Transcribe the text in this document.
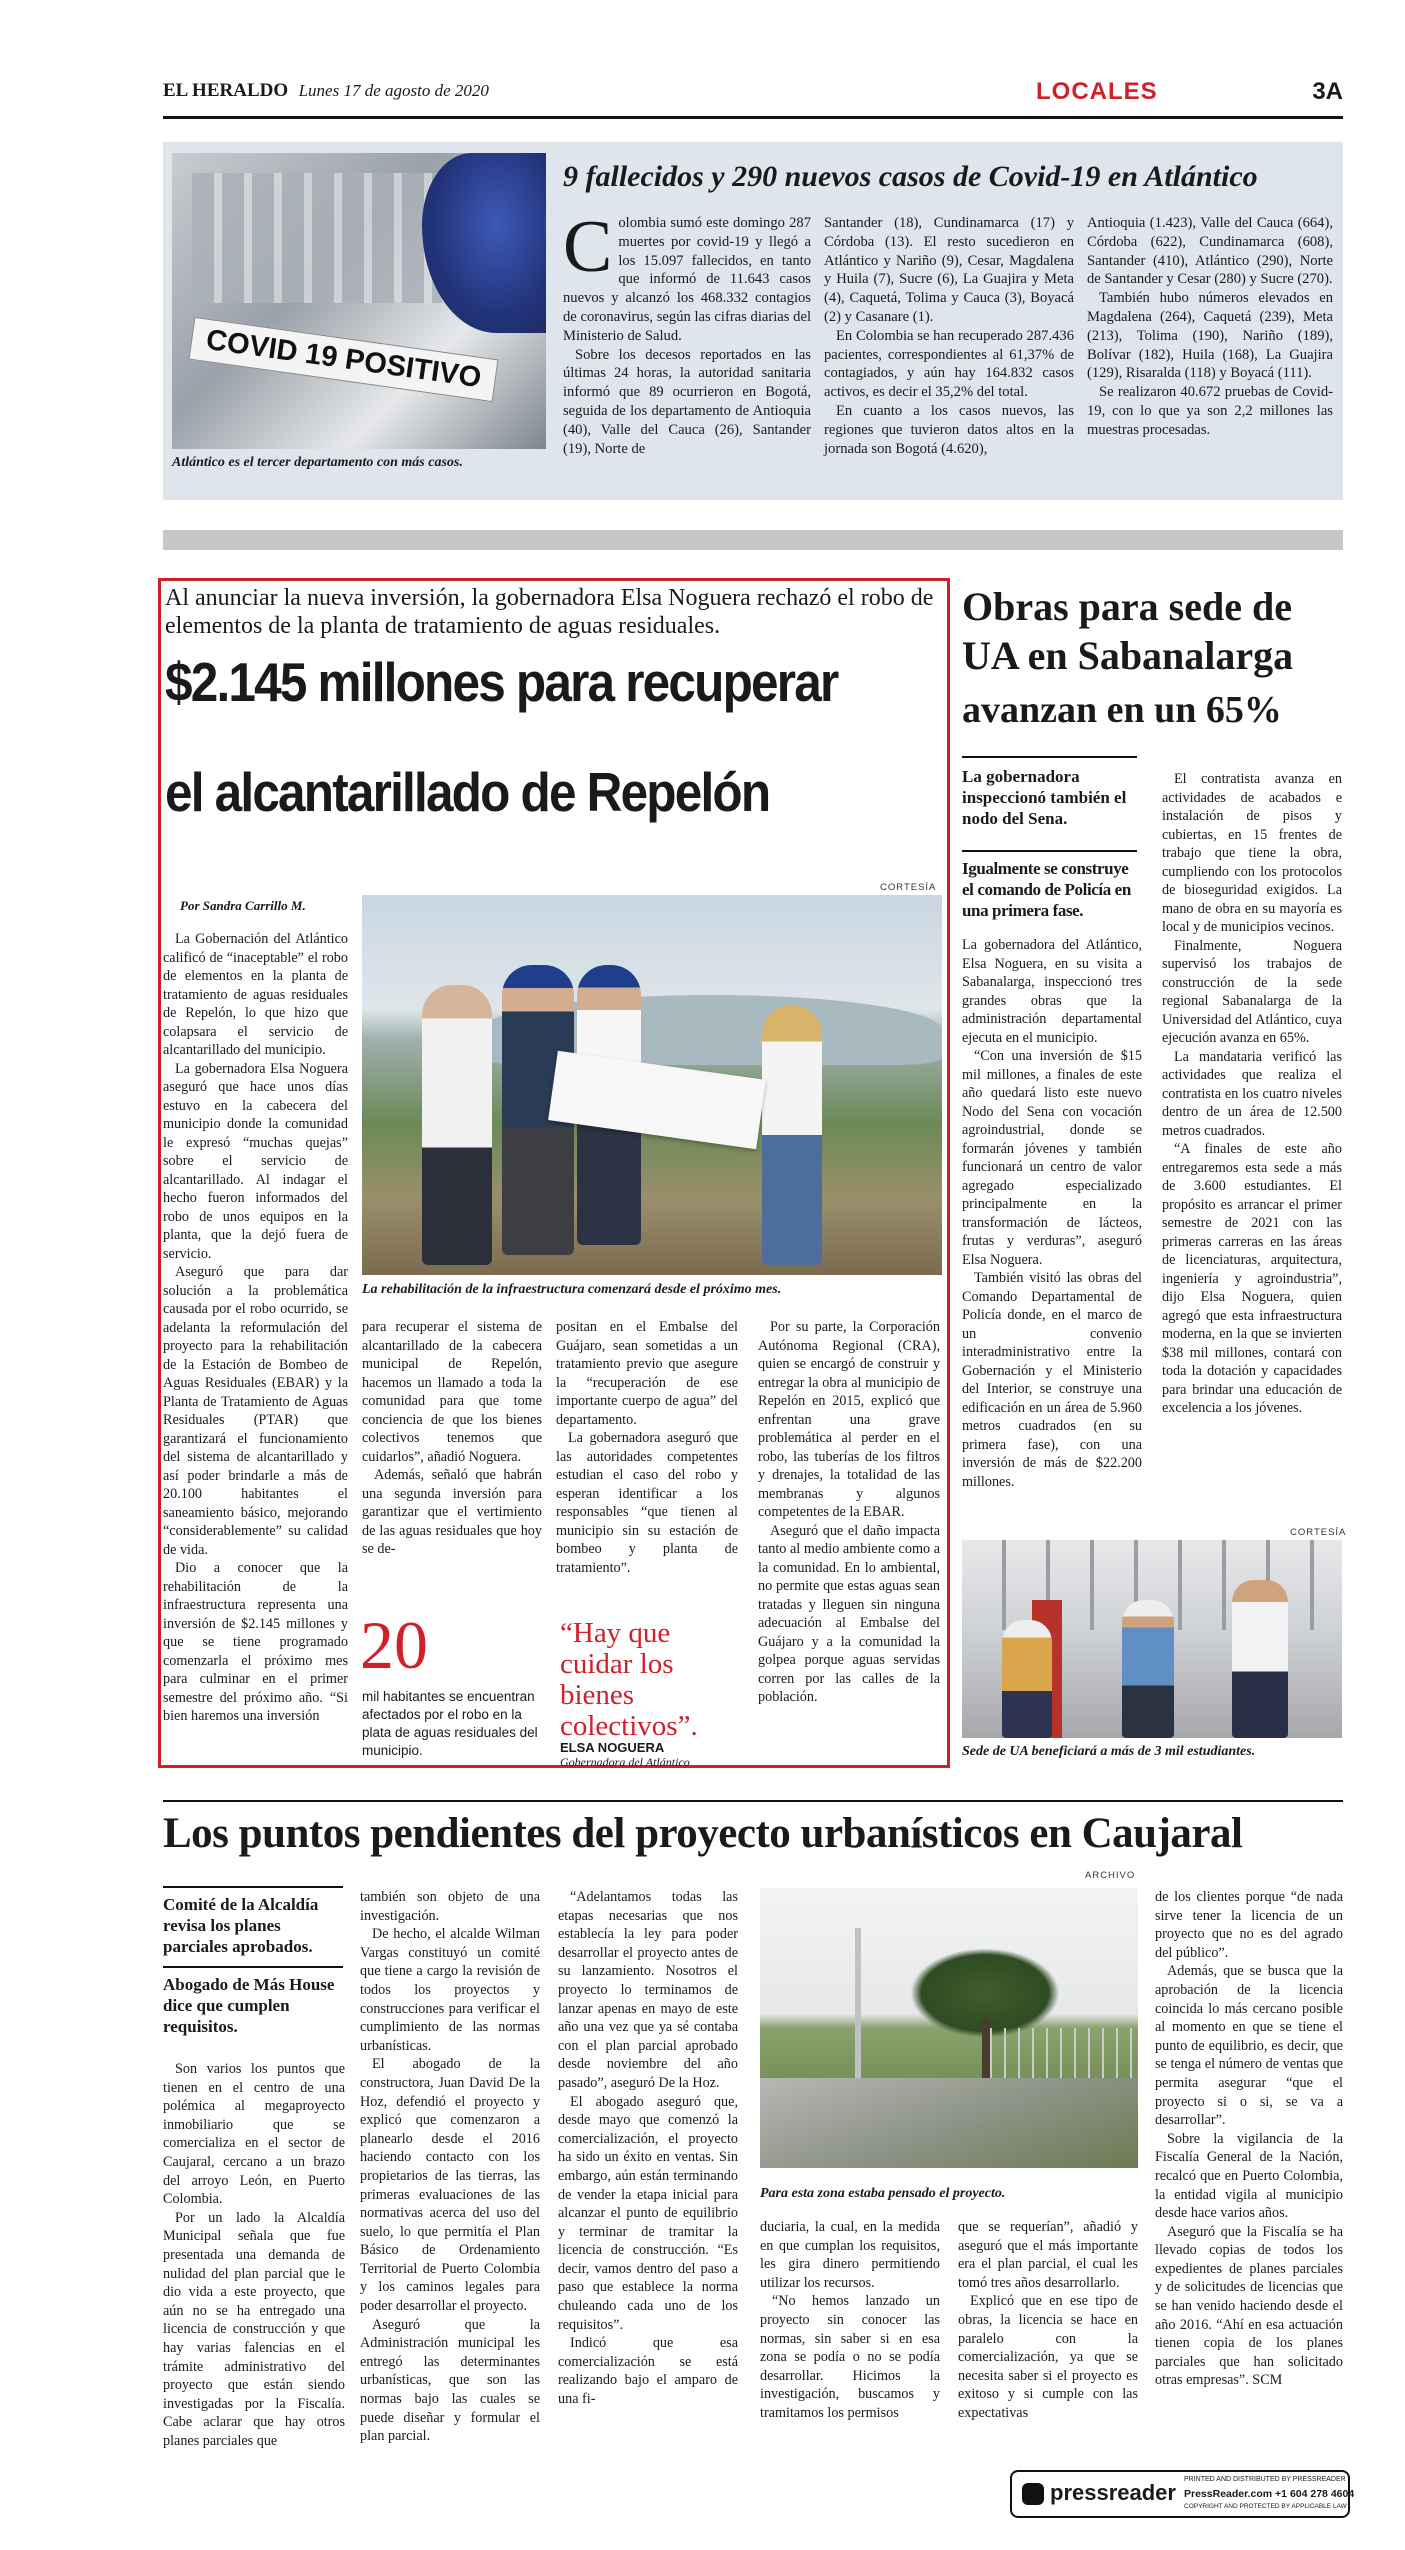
EL HERALDO Lunes 17 de agosto de 2020	LOCALES	3A
COVID 19 POSITIVO
Atlántico es el tercer departamento con más casos.
9 fallecidos y 290 nuevos casos de Covid-19 en Atlántico
C olombia sumó este domingo 287 muertes por covid-19 y llegó a los 15.097 fallecidos, en tanto que informó de 11.643 casos nuevos y alcanzó los 468.332 contagios de coronavirus, según las cifras diarias del Ministerio de Salud.

Sobre los decesos reportados en las últimas 24 horas, la autoridad sanitaria informó que 89 ocurrieron en Bogotá, seguida de los departamento de Antioquia (40), Valle del Cauca (26), Santander (19), Norte de

Santander (18), Cundinamarca (17) y Córdoba (13). El resto sucedieron en Atlántico y Nariño (9), Cesar, Magdalena y Huila (7), Sucre (6), La Guajira y Meta (4), Caquetá, Tolima y Cauca (3), Boyacá (2) y Casanare (1).

En Colombia se han recuperado 287.436 pacientes, correspondientes al 61,37% de contagiados, y aún hay 164.832 casos activos, es decir el 35,2% del total.

En cuanto a los casos nuevos, las regiones que tuvieron datos altos en la jornada son Bogotá (4.620),

Antioquia (1.423), Valle del Cauca (664), Córdoba (622), Cundinamarca (608), Santander (410), Atlántico (290), Norte de Santander y Cesar (280) y Sucre (270).

También hubo números elevados en Magdalena (264), Caquetá (239), Meta (213), Tolima (190), Nariño (189), Bolívar (182), Huila (168), La Guajira (129), Risaralda (118) y Boyacá (111).

Se realizaron 40.672 pruebas de Covid-19, con lo que ya son 2,2 millones las muestras procesadas.

Al anunciar la nueva inversión, la gobernadora Elsa Noguera rechazó el robo de elementos de la planta de tratamiento de aguas residuales.
$2.145 millones para recuperar
el alcantarillado de Repelón
Por Sandra Carrillo M.
CORTESÍA
La rehabilitación de la infraestructura comenzará desde el próximo mes.

La Gobernación del Atlántico calificó de “inaceptable” el robo de elementos en la planta de tratamiento de aguas residuales de Repelón, lo que hizo que colapsara el servicio de alcantarillado del municipio.

La gobernadora Elsa Noguera aseguró que hace unos días estuvo en la cabecera del municipio donde la comunidad le expresó “muchas quejas” sobre el servicio de alcantarillado. Al indagar el hecho fueron informados del robo de unos equipos en la planta, que la dejó fuera de servicio.

Aseguró que para dar solución a la problemática causada por el robo ocurrido, se adelanta la reformulación del proyecto para la rehabilitación de la Estación de Bombeo de Aguas Residuales (EBAR) y la Planta de Tratamiento de Aguas Residuales (PTAR) que garantizará el funcionamiento del sistema de alcantarillado y así poder brindarle a más de 20.100 habitantes el saneamiento básico, mejorando “considerablemente” su calidad de vida.

Dio a conocer que la rehabilitación de la infraestructura representa una inversión de $2.145 millones y que se tiene programado comenzarla el próximo mes para culminar en el primer semestre del próximo año. “Si bien haremos una inversión

para recuperar el sistema de alcantarillado de la cabecera municipal de Repelón, hacemos un llamado a toda la comunidad para que tome conciencia de que los bienes colectivos tenemos que cuidarlos”, añadió Noguera.

Además, señaló que habrán una segunda inversión para garantizar que el vertimiento de las aguas residuales que hoy se de-

positan en el Embalse del Guájaro, sean sometidas a un tratamiento previo que asegure la “recuperación de ese importante cuerpo de agua” del departamento.

La gobernadora aseguró que las autoridades competentes estudian el caso del robo y esperan identificar a los responsables “que tienen al municipio sin su estación de bombeo y planta de tratamiento”.

Por su parte, la Corporación Autónoma Regional (CRA), quien se encargó de construir y entregar la obra al municipio de Repelón en 2015, explicó que enfrentan una grave problemática al perder en el robo, las tuberías de los filtros y drenajes, la totalidad de las membranas y algunos competentes de la EBAR.

Aseguró que el daño impacta tanto al medio ambiente como a la comunidad. En lo ambiental, no permite que estas aguas sean tratadas y lleguen sin ninguna adecuación al Embalse del Guájaro y a la comunidad la golpea porque aguas servidas corren por las calles de la población.

20
mil habitantes se encuentran afectados por el robo en la plata de aguas residuales del municipio.
“Hay que cuidar los bienes colectivos”.
ELSA NOGUERA
Gobernadora del Atlántico
Obras para sede de
UA en Sabanalarga
avanzan en un 65%
La gobernadora inspeccionó también el nodo del Sena.
Igualmente se construye el comando de Policía en una primera fase.

La gobernadora del Atlántico, Elsa Noguera, en su visita a Sabanalarga, inspeccionó tres grandes obras que la administración departamental ejecuta en el municipio.

“Con una inversión de $15 mil millones, a finales de este año quedará listo este nuevo Nodo del Sena con vocación agroindustrial, donde se formarán jóvenes y también funcionará un centro de valor agregado especializado principalmente en la transformación de lácteos, frutas y verduras”, aseguró Elsa Noguera.

También visitó las obras del Comando Departamental de Policía donde, en el marco de un convenio interadministrativo entre la Gobernación y el Ministerio del Interior, se construye una edificación en un área de 5.960 metros cuadrados (en su primera fase), con una inversión de más de $22.200 millones.

El contratista avanza en actividades de acabados e instalación de pisos y cubiertas, en 15 frentes de trabajo que tiene la obra, cumpliendo con los protocolos de bioseguridad exigidos. La mano de obra en su mayoría es local y de municipios vecinos.

Finalmente, Noguera supervisó los trabajos de construcción de la sede regional Sabanalarga de la Universidad del Atlántico, cuya ejecución avanza en 65%.

La mandataria verificó las actividades que realiza el contratista en los cuatro niveles dentro de un área de 12.500 metros cuadrados.

“A finales de este año entregaremos esta sede a más de 3.600 estudiantes. El propósito es arrancar el primer semestre de 2021 con las primeras carreras en las áreas de licenciaturas, arquitectura, ingeniería y agroindustria”, dijo Elsa Noguera, quien agregó que esta infraestructura moderna, en la que se invierten $38 mil millones, contará con toda la dotación y capacidades para brindar una educación de excelencia a los jóvenes.

CORTESÍA
Sede de UA beneficiará a más de 3 mil estudiantes.
Los puntos pendientes del proyecto urbanísticos en Caujaral
Comité de la Alcaldía revisa los planes parciales aprobados.
Abogado de Más House dice que cumplen requisitos.

Son varios los puntos que tienen en el centro de una polémica al megaproyecto inmobiliario que se comercializa en el sector de Caujaral, cercano a un brazo del arroyo León, en Puerto Colombia.

Por un lado la Alcaldía Municipal señala que fue presentada una demanda de nulidad del plan parcial que le dio vida a este proyecto, que aún no se ha entregado una licencia de construcción y que hay varias falencias en el trámite administrativo del proyecto que están siendo investigadas por la Fiscalía. Cabe aclarar que hay otros planes parciales que

también son objeto de una investigación.

De hecho, el alcalde Wilman Vargas constituyó un comité que tiene a cargo la revisión de todos los proyectos y construcciones para verificar el cumplimiento de las normas urbanísticas.

El abogado de la constructora, Juan David De la Hoz, defendió el proyecto y explicó que comenzaron a planearlo desde el 2016 haciendo contacto con los propietarios de las tierras, las primeras evaluaciones de las normativas acerca del uso del suelo, lo que permitía el Plan Básico de Ordenamiento Territorial de Puerto Colombia y los caminos legales para poder desarrollar el proyecto.

Aseguró que la Administración municipal les entregó las determinantes urbanísticas, que son las normas bajo las cuales se puede diseñar y formular el plan parcial.

“Adelantamos todas las etapas necesarias que nos establecía la ley para poder desarrollar el proyecto antes de su lanzamiento. Nosotros el proyecto lo terminamos de lanzar apenas en mayo de este año una vez que ya sé contaba con el plan parcial aprobado desde noviembre del año pasado”, aseguró De la Hoz.

El abogado aseguró que, desde mayo que comenzó la comercialización, el proyecto ha sido un éxito en ventas. Sin embargo, aún están terminando de vender la etapa inicial para alcanzar el punto de equilibrio y terminar de tramitar la licencia de construcción. “Es decir, vamos dentro del paso a paso que establece la norma chuleando cada uno de los requisitos”.

Indicó que esa comercialización se está realizando bajo el amparo de una fi-

ARCHIVO
Para esta zona estaba pensado el proyecto.

duciaria, la cual, en la medida en que cumplan los requisitos, les gira dinero permitiendo utilizar los recursos.

“No hemos lanzado un proyecto sin conocer las normas, sin saber si en esa zona se podía o no se podía desarrollar. Hicimos la investigación, buscamos y tramitamos los permisos

que se requerían”, añadió y aseguró que el más importante era el plan parcial, el cual les tomó tres años desarrollarlo.

Explicó que en ese tipo de obras, la licencia se hace en paralelo con la comercialización, ya que se necesita saber si el proyecto es exitoso y si cumple con las expectativas

de los clientes porque “de nada sirve tener la licencia de un proyecto que no es del agrado del público”.

Además, que se busca que la aprobación de la licencia coincida lo más cercano posible al momento en que se tiene el punto de equilibrio, es decir, que se tenga el número de ventas que permita asegurar “que el proyecto si o si, se va a desarrollar”.

Sobre la vigilancia de la Fiscalía General de la Nación, recalcó que en Puerto Colombia, la entidad vigila al municipio desde hace varios años.

Aseguró que la Fiscalía se ha llevado copias de todos los expedientes de planes parciales y de solicitudes de licencias que se han venido haciendo desde el año 2016. “Ahí en esa actuación tienen copia de los planes parciales que han solicitado otras empresas”. SCM

pressreader
PRINTED AND DISTRIBUTED BY PRESSREADER
PressReader.com +1 604 278 4604
COPYRIGHT AND PROTECTED BY APPLICABLE LAW
